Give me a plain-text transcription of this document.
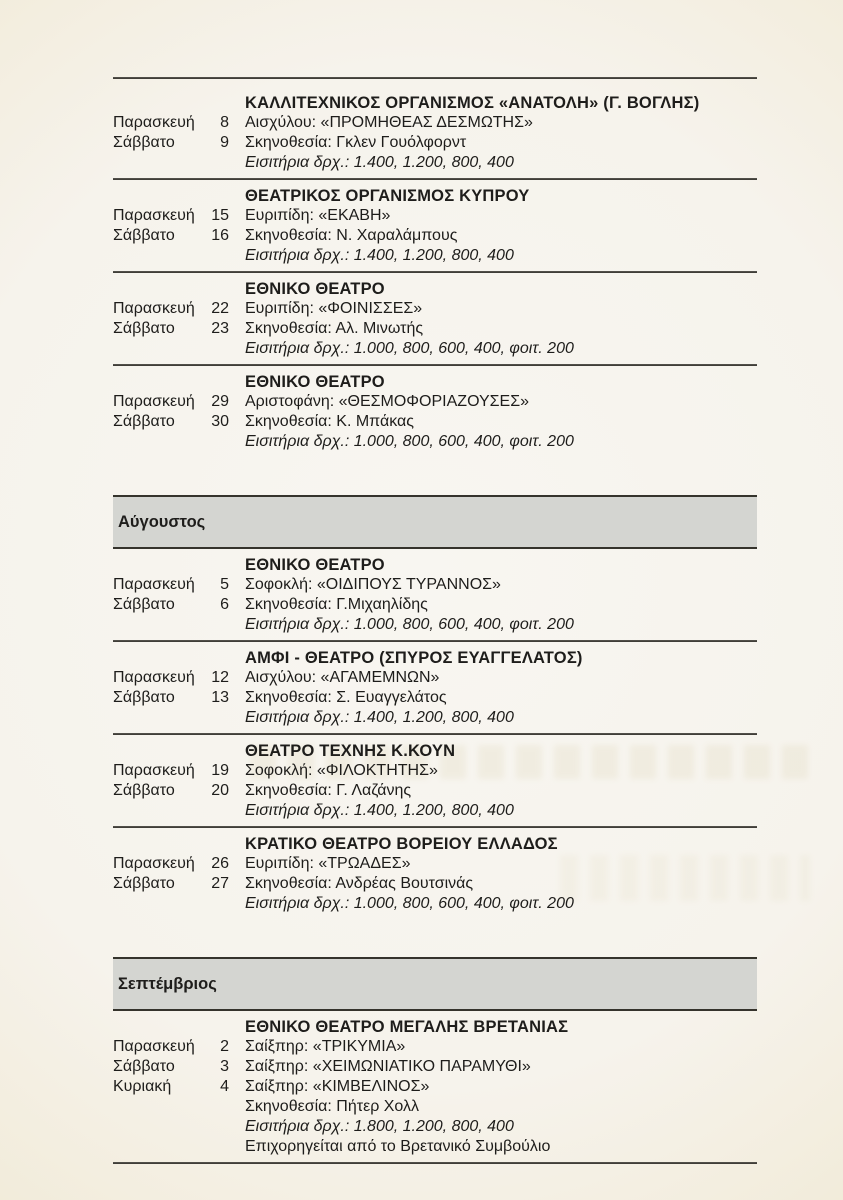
ΚΑΛΛΙΤΕΧΝΙΚΟΣ ΟΡΓΑΝΙΣΜΟΣ «ΑΝΑΤΟΛΗ» (Γ. ΒΟΓΛΗΣ)
Παρασκευή	8 Αισχύλου: «ΠΡΟΜΗΘΕΑΣ ΔΕΣΜΩΤΗΣ»
Σάββατο	9 Σκηνοθεσία: Γκλεν Γουόλφορντ
Εισιτήρια δρχ.: 1.400, 1.200, 800, 400
ΘΕΑΤΡΙΚΟΣ ΟΡΓΑΝΙΣΜΟΣ ΚΥΠΡΟΥ
Παρασκευή	15 Ευριπίδη: «ΕΚΑΒΗ»
Σάββατο	16 Σκηνοθεσία: Ν. Χαραλάμπους
Εισιτήρια δρχ.: 1.400, 1.200, 800, 400
ΕΘΝΙΚΟ ΘΕΑΤΡΟ
Παρασκευή	22 Ευριπίδη: «ΦΟΙΝΙΣΣΕΣ»
Σάββατο	23 Σκηνοθεσία: Αλ. Μινωτής
Εισιτήρια δρχ.: 1.000, 800, 600, 400, φοιτ. 200
ΕΘΝΙΚΟ ΘΕΑΤΡΟ
Παρασκευή	29 Αριστοφάνη: «ΘΕΣΜΟΦΟΡΙΑΖΟΥΣΕΣ»
Σάββατο	30 Σκηνοθεσία: Κ. Μπάκας
Εισιτήρια δρχ.: 1.000, 800, 600, 400, φοιτ. 200
Αύγουστος
ΕΘΝΙΚΟ ΘΕΑΤΡΟ
Παρασκευή	5 Σοφοκλή: «ΟΙΔΙΠΟΥΣ ΤΥΡΑΝΝΟΣ»
Σάββατο	6 Σκηνοθεσία: Γ.Μιχαηλίδης
Εισιτήρια δρχ.: 1.000, 800, 600, 400, φοιτ. 200
ΑΜΦΙ - ΘΕΑΤΡΟ (ΣΠΥΡΟΣ ΕΥΑΓΓΕΛΑΤΟΣ)
Παρασκευή	12 Αισχύλου: «ΑΓΑΜΕΜΝΩΝ»
Σάββατο	13 Σκηνοθεσία: Σ. Ευαγγελάτος
Εισιτήρια δρχ.: 1.400, 1.200, 800, 400
ΘΕΑΤΡΟ ΤΕΧΝΗΣ Κ.ΚΟΥΝ
Παρασκευή	19 Σοφοκλή: «ΦΙΛΟΚΤΗΤΗΣ»
Σάββατο	20 Σκηνοθεσία: Γ. Λαζάνης
Εισιτήρια δρχ.: 1.400, 1.200, 800, 400
ΚΡΑΤΙΚΟ ΘΕΑΤΡΟ ΒΟΡΕΙΟΥ ΕΛΛΑΔΟΣ
Παρασκευή	26 Ευριπίδη: «ΤΡΩΑΔΕΣ»
Σάββατο	27 Σκηνοθεσία: Ανδρέας Βουτσινάς
Εισιτήρια δρχ.: 1.000, 800, 600, 400, φοιτ. 200
Σεπτέμβριος
ΕΘΝΙΚΟ ΘΕΑΤΡΟ ΜΕΓΑΛΗΣ ΒΡΕΤΑΝΙΑΣ
Παρασκευή	2 Σαίξπηρ: «ΤΡΙΚΥΜΙΑ»
Σάββατο	3 Σαίξπηρ: «ΧΕΙΜΩΝΙΑΤΙΚΟ ΠΑΡΑΜΥΘΙ»
Κυριακή	4 Σαίξπηρ: «ΚΙΜΒΕΛΙΝΟΣ»
Σκηνοθεσία: Πήτερ Χολλ
Εισιτήρια δρχ.: 1.800, 1.200, 800, 400
Επιχορηγείται από το Βρετανικό Συμβούλιο
